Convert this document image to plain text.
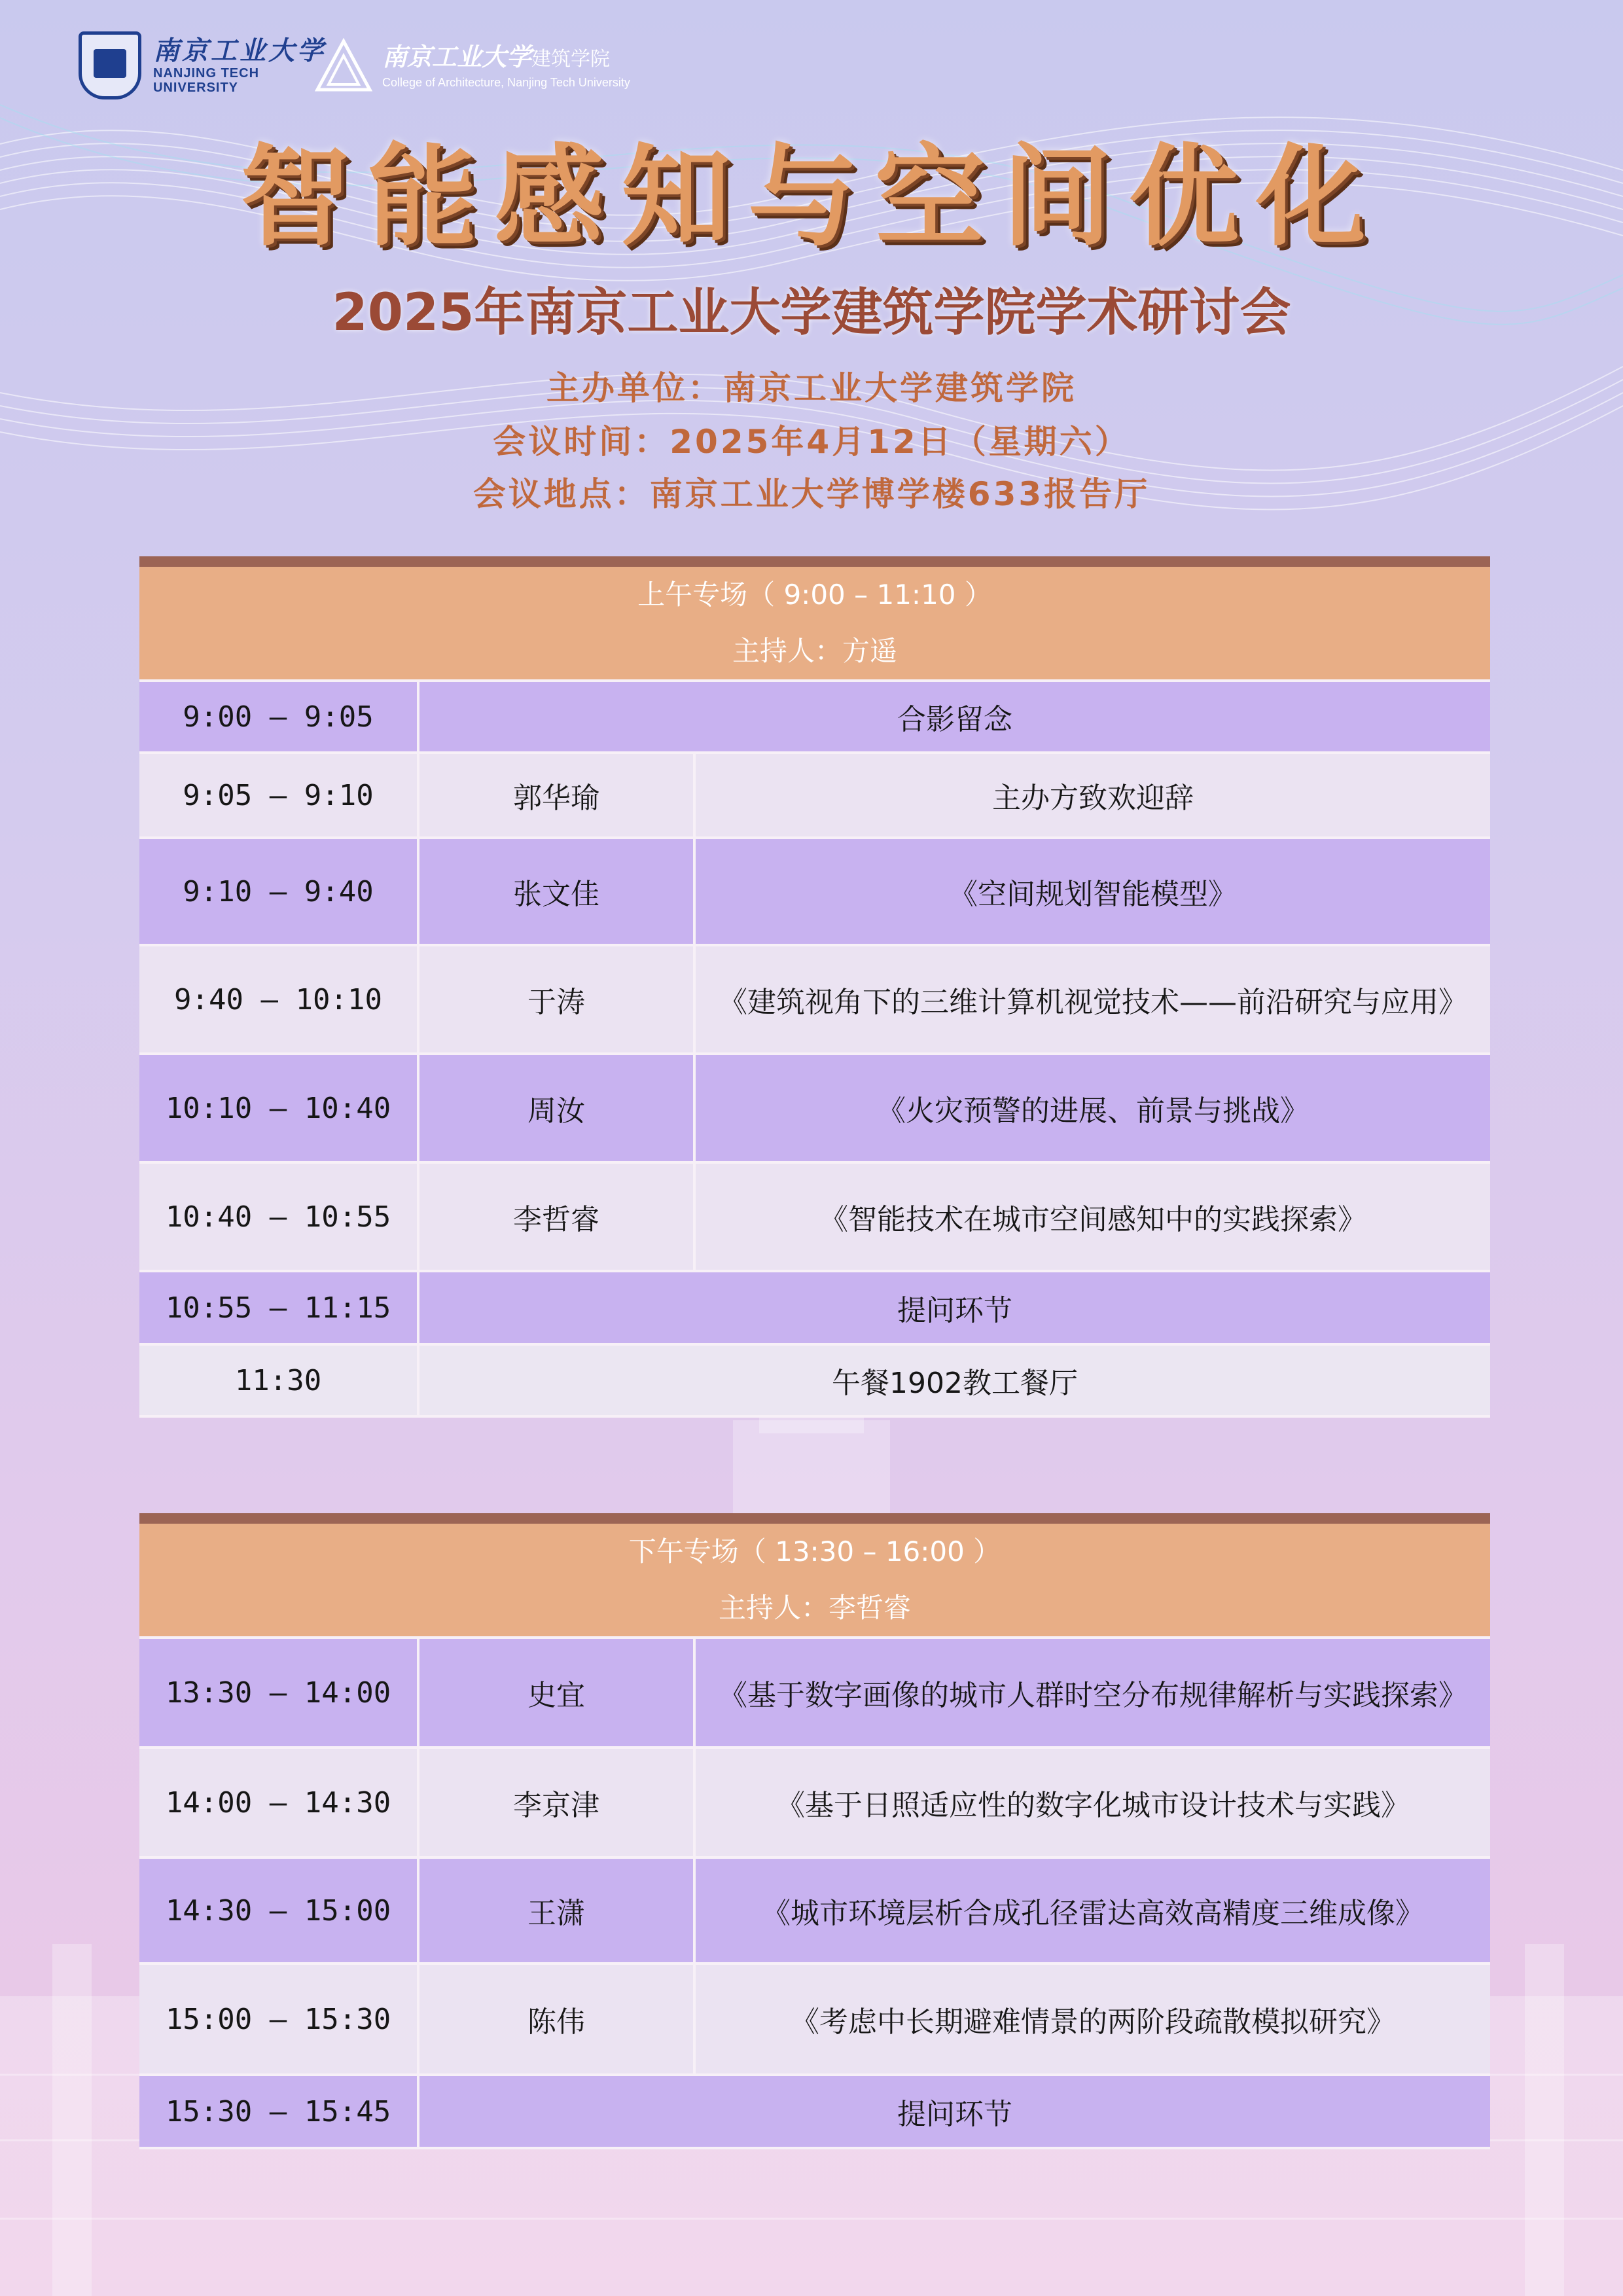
南京工业大学
NANJING TECH UNIVERSITY
南京工业大学建筑学院
College of Architecture, Nanjing Tech University
智能感知与空间优化
2025年南京工业大学建筑学院学术研讨会
主办单位：南京工业大学建筑学院
会议时间：2025年4月12日（星期六）
会议地点：南京工业大学博学楼633报告厅
上午专场（ 9:00 – 11:10 ）
主持人：方遥
9:00 – 9:05	合影留念
9:05 – 9:10	郭华瑜	主办方致欢迎辞
9:10 – 9:40	张文佳	《空间规划智能模型》
9:40 – 10:10	于涛	《建筑视角下的三维计算机视觉技术——前沿研究与应用》
10:10 – 10:40	周汝	《火灾预警的进展、前景与挑战》
10:40 – 10:55	李哲睿	《智能技术在城市空间感知中的实践探索》
10:55 – 11:15	提问环节
11:30	午餐1902教工餐厅
下午专场（ 13:30 – 16:00 ）
主持人：李哲睿
13:30 – 14:00	史宜	《基于数字画像的城市人群时空分布规律解析与实践探索》
14:00 – 14:30	李京津	《基于日照适应性的数字化城市设计技术与实践》
14:30 – 15:00	王潇	《城市环境层析合成孔径雷达高效高精度三维成像》
15:00 – 15:30	陈伟	《考虑中长期避难情景的两阶段疏散模拟研究》
15:30 – 15:45	提问环节
